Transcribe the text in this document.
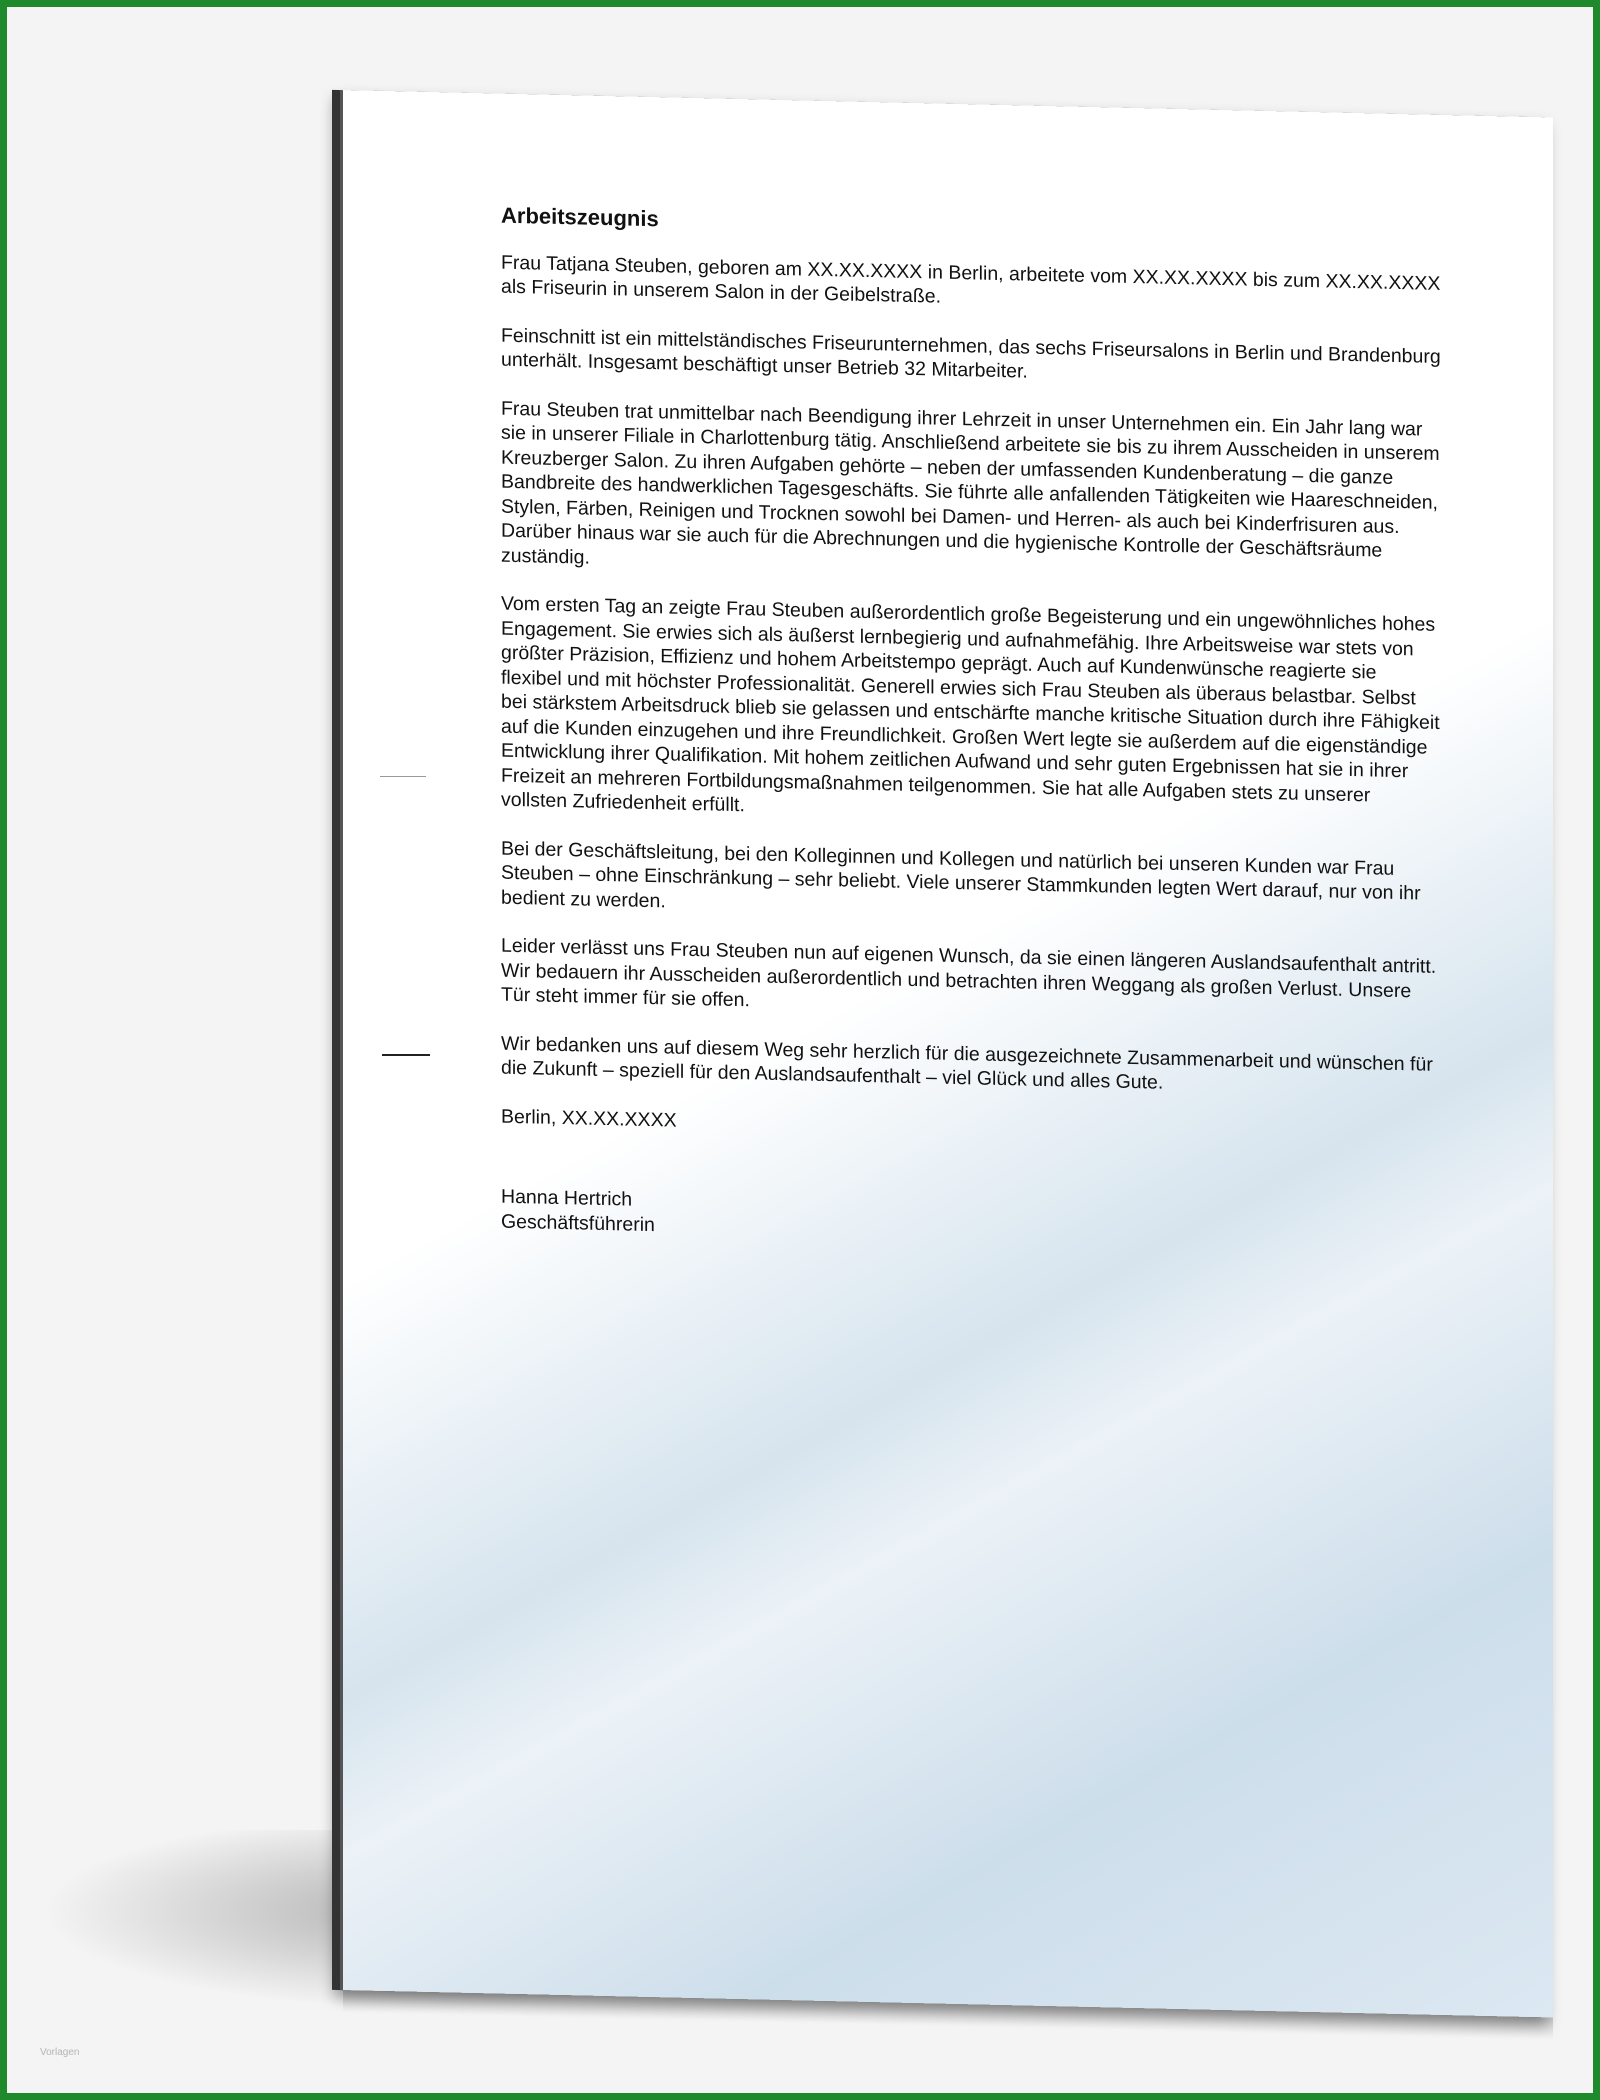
Arbeitszeugnis

Frau Tatjana Steuben, geboren am XX.XX.XXXX in Berlin, arbeitete vom XX.XX.XXXX bis zum XX.XX.XXXX als Friseurin in unserem Salon in der Geibelstraße.

Feinschnitt ist ein mittelständisches Friseurunternehmen, das sechs Friseursalons in Berlin und Brandenburg unterhält. Insgesamt beschäftigt unser Betrieb 32 Mitarbeiter.

Frau Steuben trat unmittelbar nach Beendigung ihrer Lehrzeit in unser Unternehmen ein. Ein Jahr lang war sie in unserer Filiale in Charlottenburg tätig. Anschließend arbeitete sie bis zu ihrem Ausscheiden in unserem Kreuzberger Salon. Zu ihren Aufgaben gehörte – neben der umfassenden Kundenberatung – die ganze Bandbreite des handwerklichen Tagesgeschäfts. Sie führte alle anfallenden Tätigkeiten wie Haareschneiden, Stylen, Färben, Reinigen und Trocknen sowohl bei Damen- und Herren- als auch bei Kinderfrisuren aus. Darüber hinaus war sie auch für die Abrechnungen und die hygienische Kontrolle der Geschäftsräume zuständig.

Vom ersten Tag an zeigte Frau Steuben außerordentlich große Begeisterung und ein ungewöhnliches hohes Engagement. Sie erwies sich als äußerst lernbegierig und aufnahmefähig. Ihre Arbeitsweise war stets von größter Präzision, Effizienz und hohem Arbeitstempo geprägt. Auch auf Kundenwünsche reagierte sie flexibel und mit höchster Professionalität. Generell erwies sich Frau Steuben als überaus belastbar. Selbst bei stärkstem Arbeitsdruck blieb sie gelassen und entschärfte manche kritische Situation durch ihre Fähigkeit auf die Kunden einzugehen und ihre Freundlichkeit. Großen Wert legte sie außerdem auf die eigenständige Entwicklung ihrer Qualifikation. Mit hohem zeitlichen Aufwand und sehr guten Ergebnissen hat sie in ihrer Freizeit an mehreren Fortbildungsmaßnahmen teilgenommen. Sie hat alle Aufgaben stets zu unserer vollsten Zufriedenheit erfüllt.

Bei der Geschäftsleitung, bei den Kolleginnen und Kollegen und natürlich bei unseren Kunden war Frau Steuben – ohne Einschränkung – sehr beliebt. Viele unserer Stammkunden legten Wert darauf, nur von ihr bedient zu werden.

Leider verlässt uns Frau Steuben nun auf eigenen Wunsch, da sie einen längeren Auslandsaufenthalt antritt. Wir bedauern ihr Ausscheiden außerordentlich und betrachten ihren Weggang als großen Verlust. Unsere Tür steht immer für sie offen.

Wir bedanken uns auf diesem Weg sehr herzlich für die ausgezeichnete Zusammenarbeit und wünschen für die Zukunft – speziell für den Auslandsaufenthalt – viel Glück und alles Gute.

Berlin, XX.XX.XXXX

Hanna Hertrich

Geschäftsführerin

Vorlagen
